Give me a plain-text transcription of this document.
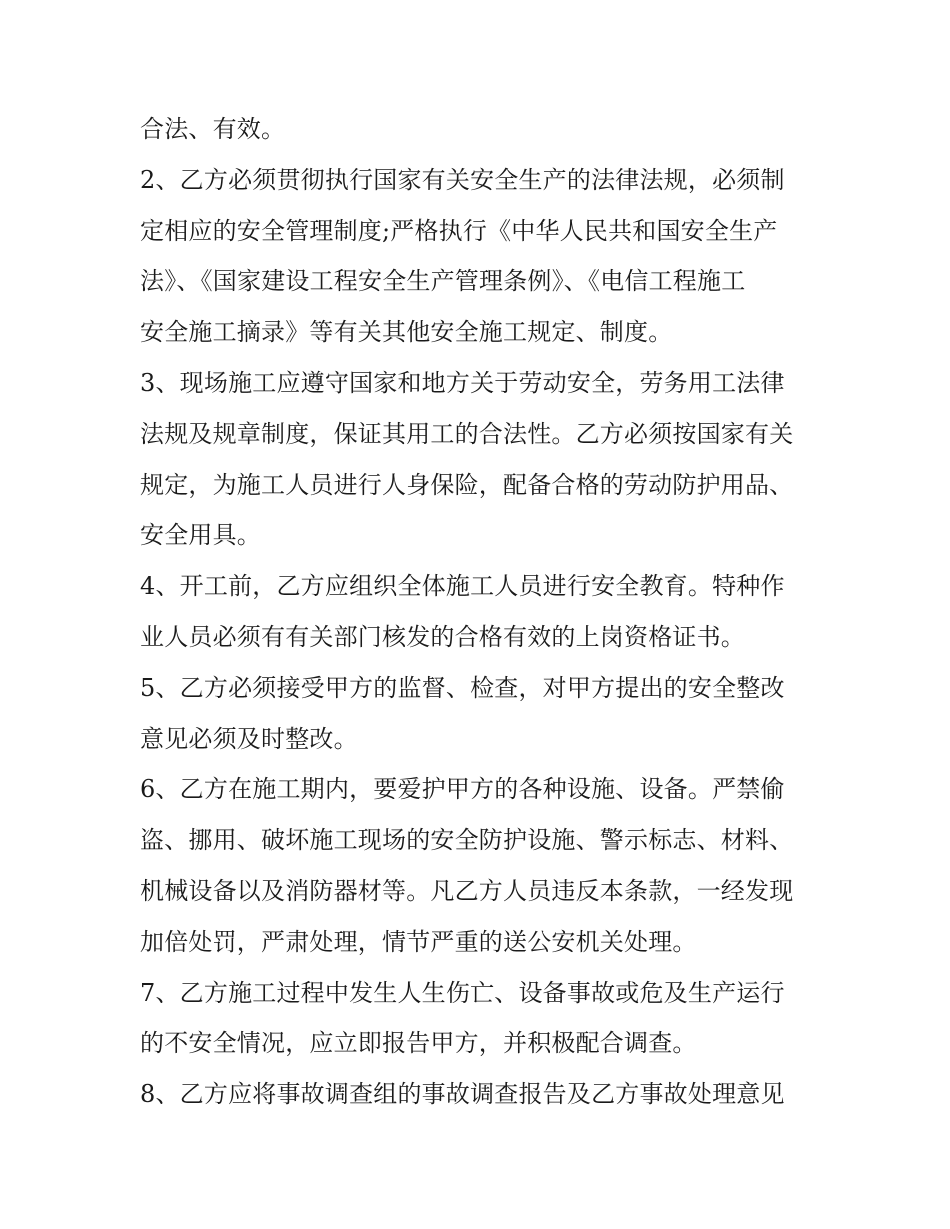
合法、有效。
2、乙方必须贯彻执行国家有关安全生产的法律法规，必须制
定相应的安全管理制度;严格执行《中华人民共和国安全生产
法》、《国家建设工程安全生产管理条例》、《电信工程施工
安全施工摘录》等有关其他安全施工规定、制度。
3、现场施工应遵守国家和地方关于劳动安全，劳务用工法律
法规及规章制度，保证其用工的合法性。乙方必须按国家有关
规定，为施工人员进行人身保险，配备合格的劳动防护用品、
安全用具。
4、开工前，乙方应组织全体施工人员进行安全教育。特种作
业人员必须有有关部门核发的合格有效的上岗资格证书。
5、乙方必须接受甲方的监督、检查，对甲方提出的安全整改
意见必须及时整改。
6、乙方在施工期内，要爱护甲方的各种设施、设备。严禁偷
盗、挪用、破坏施工现场的安全防护设施、警示标志、材料、
机械设备以及消防器材等。凡乙方人员违反本条款，一经发现
加倍处罚，严肃处理，情节严重的送公安机关处理。
7、乙方施工过程中发生人生伤亡、设备事故或危及生产运行
的不安全情况，应立即报告甲方，并积极配合调查。
8、乙方应将事故调查组的事故调查报告及乙方事故处理意见
